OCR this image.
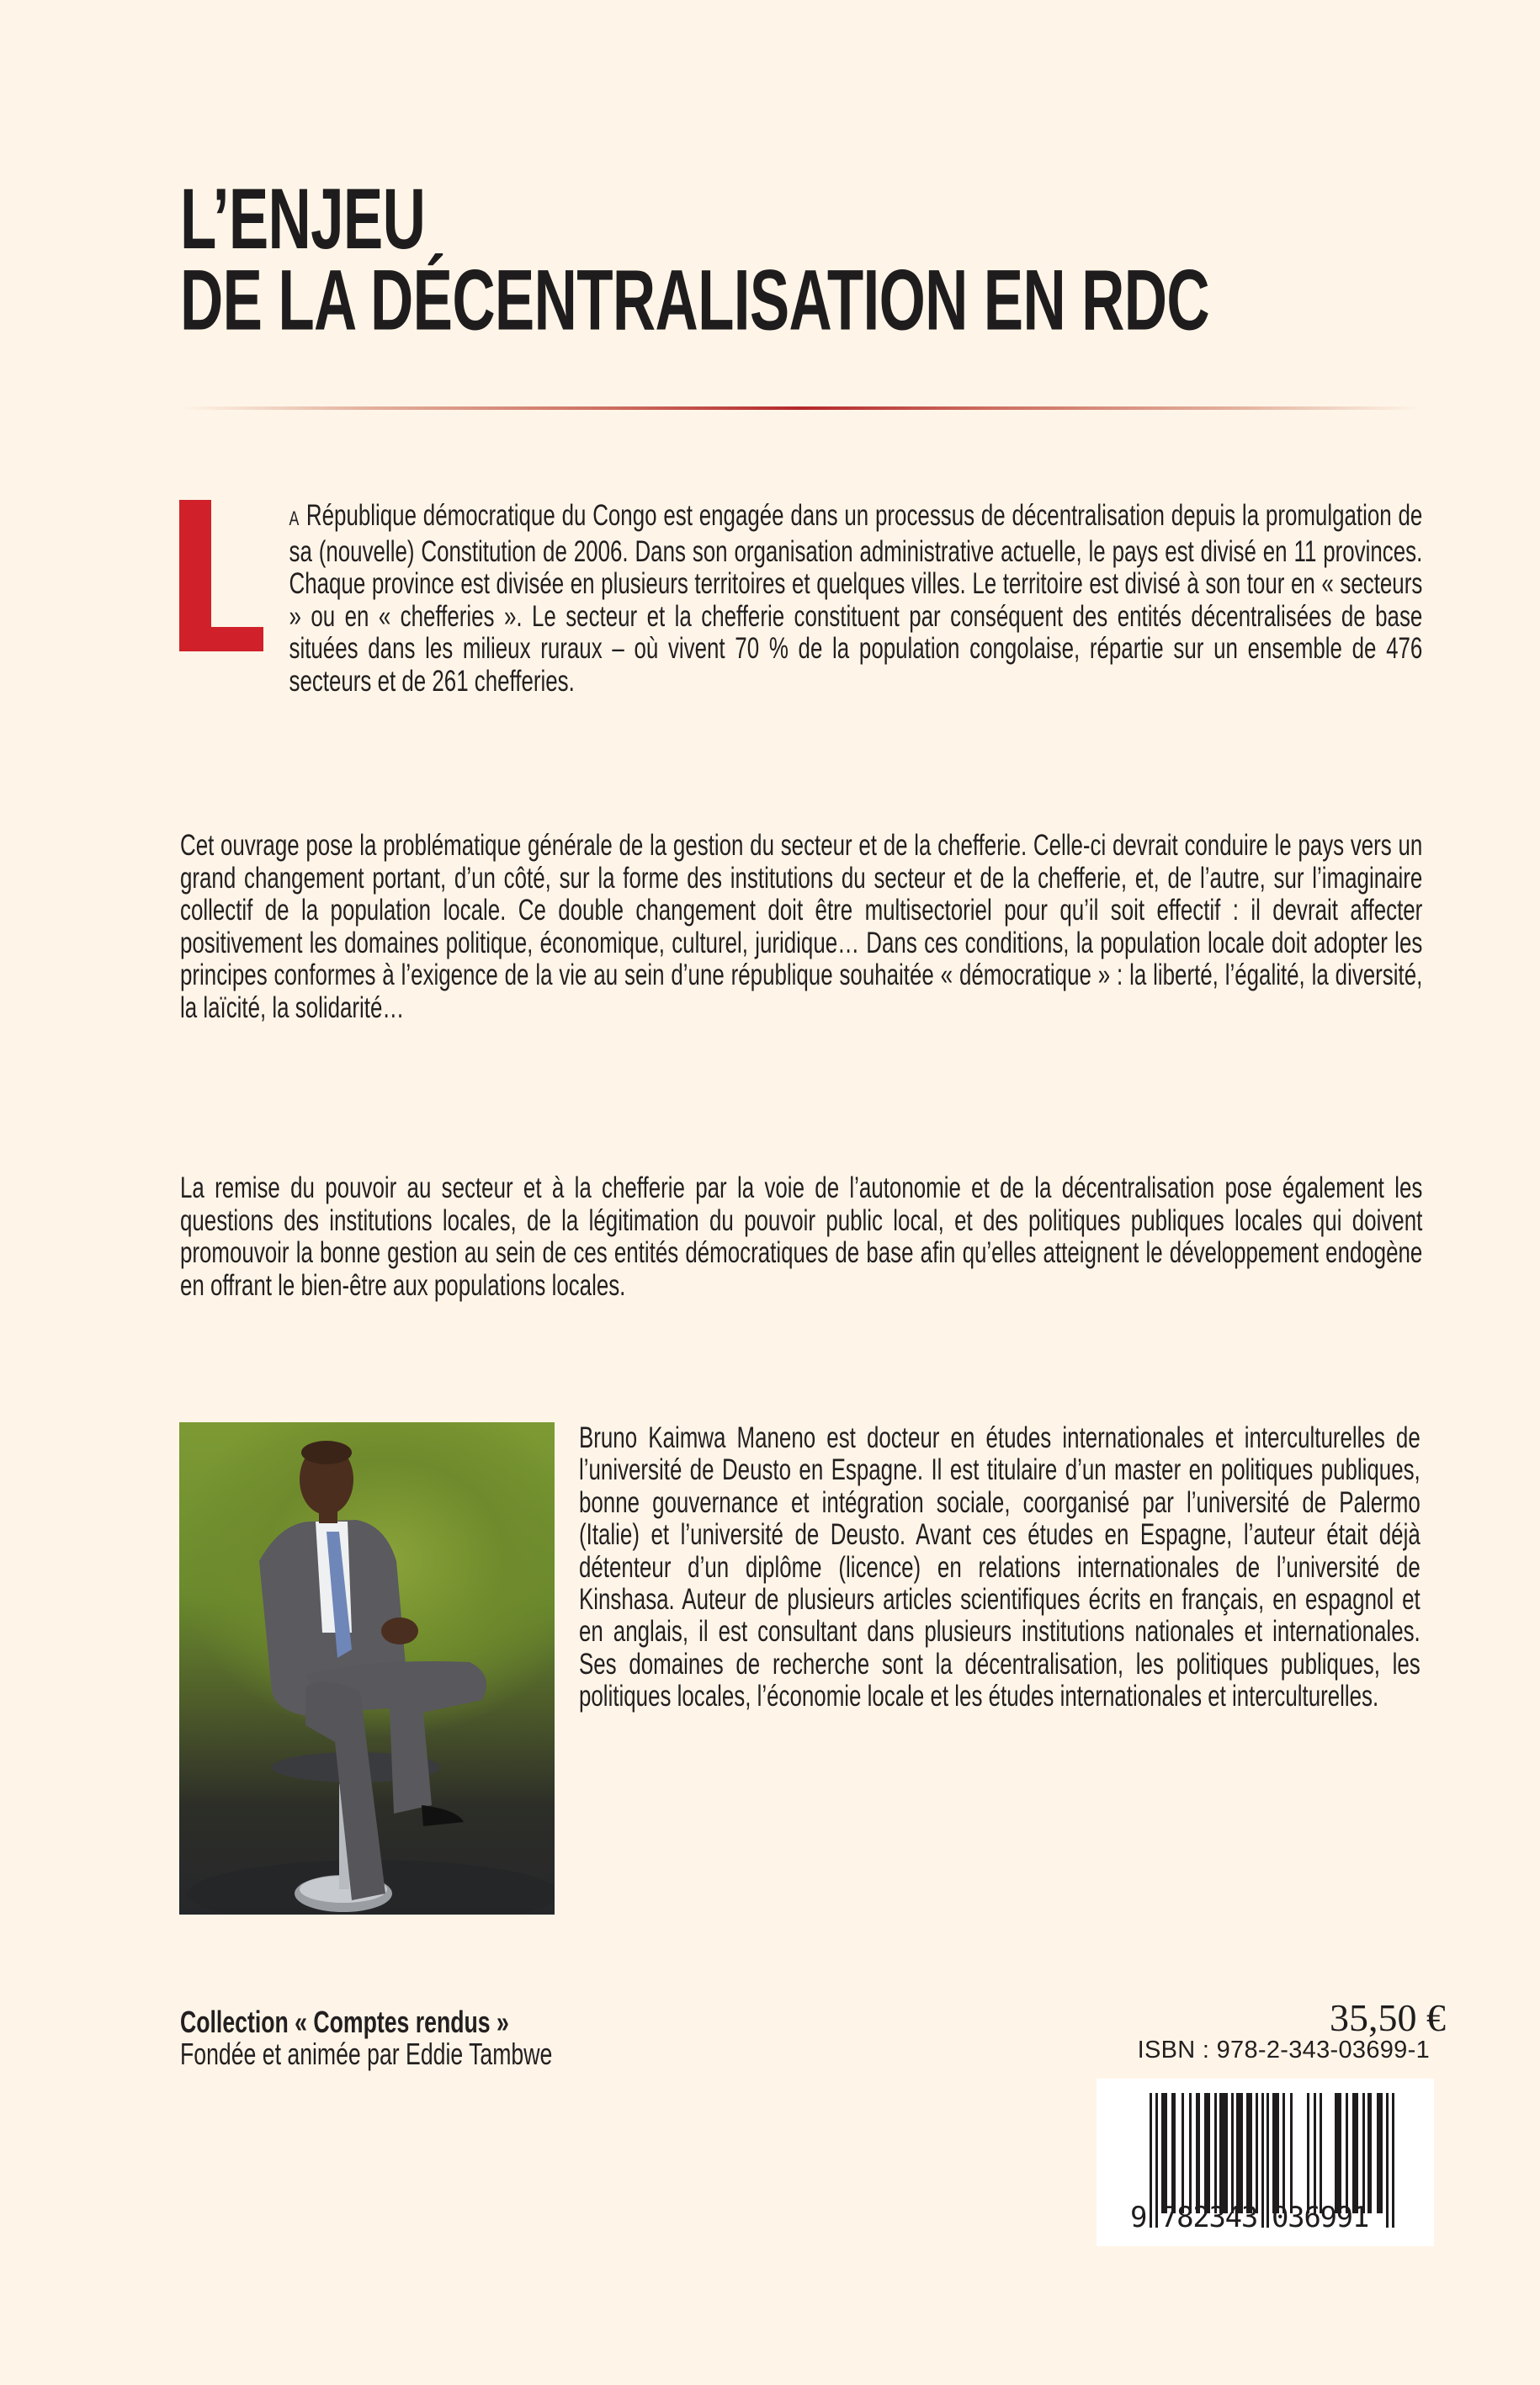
L’ENJEU
DE LA DÉCENTRALISATION EN RDC
A République démocratique du Congo est engagée dans un processus de décentralisation depuis la promulgation de sa (nouvelle) Constitution de 2006. Dans son organisation administrative actuelle, le pays est divisé en 11 provinces. Chaque province est divisée en plusieurs territoires et quelques villes. Le territoire est divisé à son tour en « secteurs » ou en « chefferies ». Le secteur et la chefferie constituent par conséquent des entités décentralisées de base situées dans les milieux ruraux – où vivent 70 % de la population congolaise, répartie sur un ensemble de 476 secteurs et de 261 chefferies.
Cet ouvrage pose la problématique générale de la gestion du secteur et de la chefferie. Celle-ci devrait conduire le pays vers un grand changement portant, d’un côté, sur la forme des institutions du secteur et de la chefferie, et, de l’autre, sur l’imaginaire collectif de la population locale. Ce double changement doit être multisectoriel pour qu’il soit effectif : il devrait affecter positivement les domaines politique, économique, culturel, juridique… Dans ces conditions, la population locale doit adopter les principes conformes à l’exigence de la vie au sein d’une république souhaitée « démocratique » : la liberté, l’égalité, la diversité, la laïcité, la solidarité…
La remise du pouvoir au secteur et à la chefferie par la voie de l’autonomie et de la décentralisation pose également les questions des institutions locales, de la légitimation du pouvoir public local, et des politiques publiques locales qui doivent promouvoir la bonne gestion au sein de ces entités démocratiques de base afin qu’elles atteignent le développement endogène en offrant le bien-être aux populations locales.
Bruno Kaimwa Maneno est docteur en études internationales et interculturelles de l’université de Deusto en Espagne. Il est titulaire d’un master en politiques publiques, bonne gouvernance et intégration sociale, coorganisé par l’université de Palermo (Italie) et l’université de Deusto. Avant ces études en Espagne, l’auteur était déjà détenteur d’un diplôme (licence) en relations internationales de l’université de Kinshasa. Auteur de plusieurs articles scientifiques écrits en français, en espagnol et en anglais, il est consultant dans plusieurs institutions nationales et internationales. Ses domaines de recherche sont la décentralisation, les politiques publiques, les politiques locales, l’économie locale et les études internationales et interculturelles.
Collection « Comptes rendus »
Fondée et animée par Eddie Tambwe
35,50 €
ISBN : 978-2-343-03699-1
9 782343 036991
